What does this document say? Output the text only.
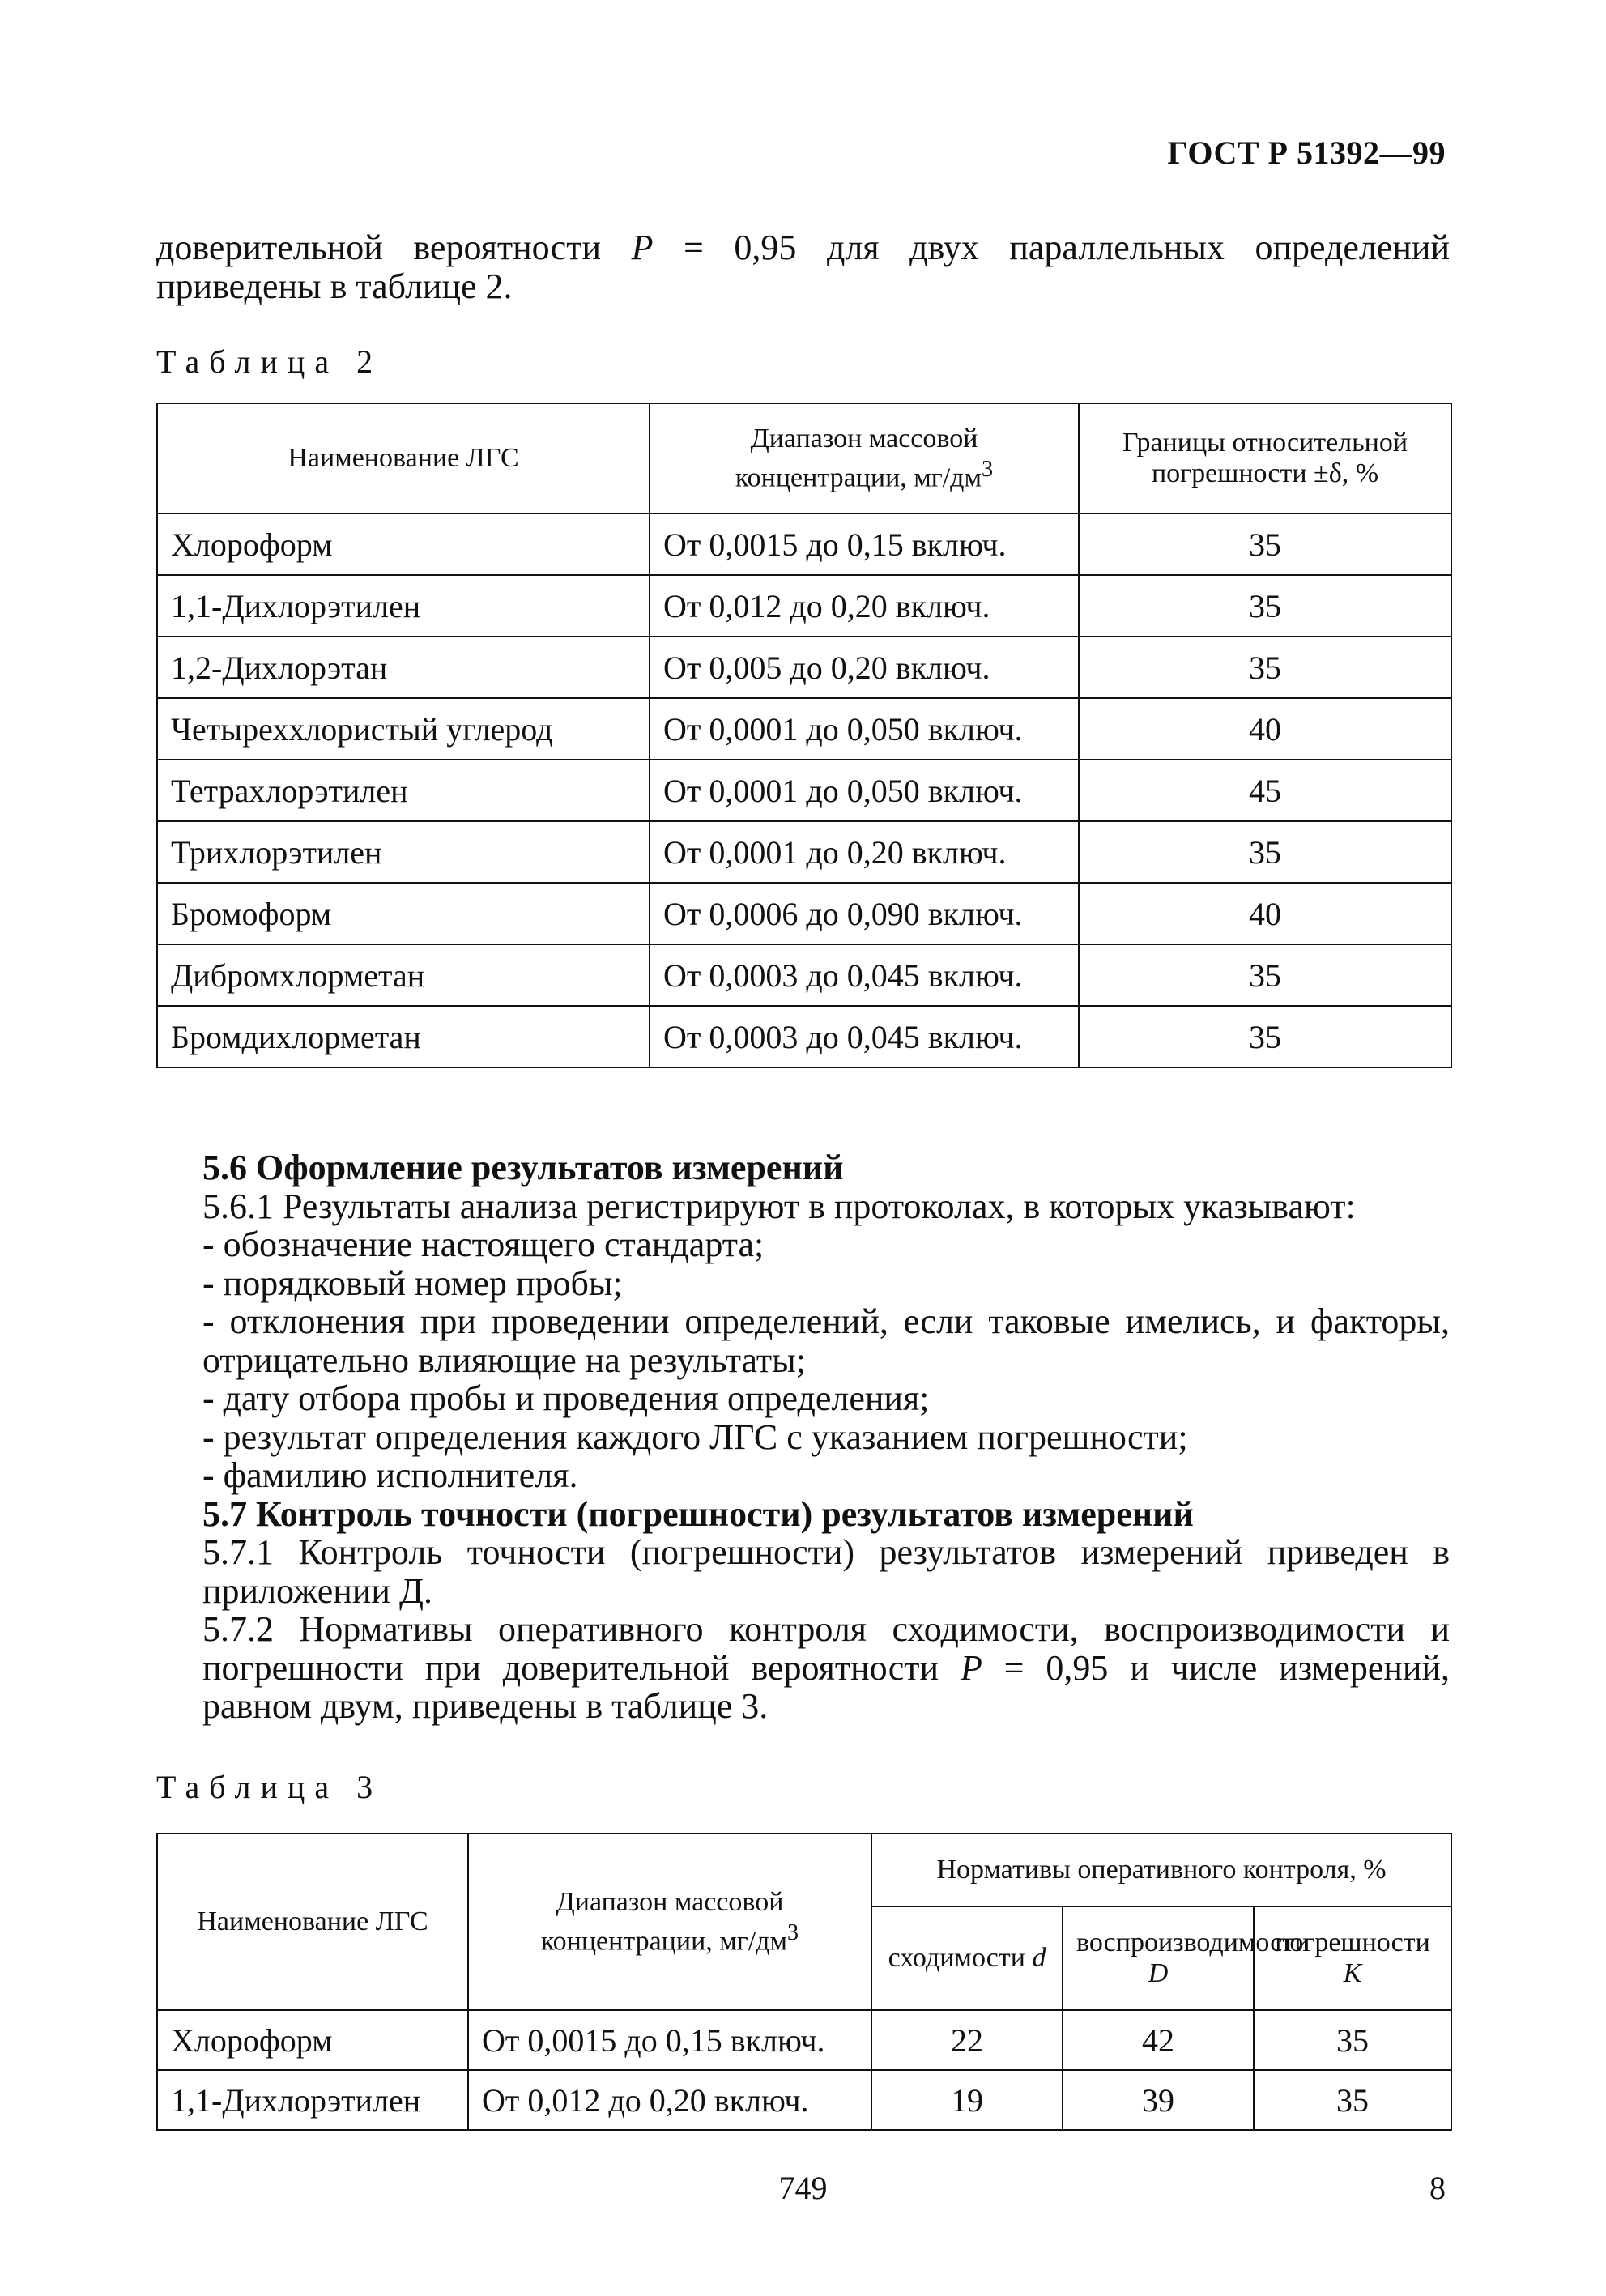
ГОСТ Р 51392—99
доверительной вероятности P = 0,95 для двух параллельных определений приведены в таблице 2.
Таблица 2
Наименование ЛГС	Диапазон массовой концентрации, $мг/дм^3$	Границы относительной погрешности ±δ, %
Хлороформ	От 0,0015 до 0,15 включ.	35
1,1-Дихлорэтилен	От 0,012 до 0,20 включ.	35
1,2-Дихлорэтан	От 0,005 до 0,20 включ.	35
Четыреххлористый углерод	От 0,0001 до 0,050 включ.	40
Тетрахлорэтилен	От 0,0001 до 0,050 включ.	45
Трихлорэтилен	От 0,0001 до 0,20 включ.	35
Бромоформ	От 0,0006 до 0,090 включ.	40
Дибромхлорметан	От 0,0003 до 0,045 включ.	35
Бромдихлорметан	От 0,0003 до 0,045 включ.	35
5.6 Оформление результатов измерений
5.6.1 Результаты анализа регистрируют в протоколах, в которых указывают:
- обозначение настоящего стандарта;
- порядковый номер пробы;
- отклонения при проведении определений, если таковые имелись, и факторы, отрицательно влияющие на результаты;
- дату отбора пробы и проведения определения;
- результат определения каждого ЛГС с указанием погрешности;
- фамилию исполнителя.
5.7 Контроль точности (погрешности) результатов измерений
5.7.1 Контроль точности (погрешности) результатов измерений приведен в приложении Д.
5.7.2 Нормативы оперативного контроля сходимости, воспроизводимости и погрешности при доверительной вероятности P = 0,95 и числе измерений, равном двум, приведены в таблице 3.
Таблица 3
Наименование ЛГС	Диапазон массовой концентрации, $мг/дм^3$	Нормативы оперативного контроля, %		
		сходимости d	воспроизводимости D	погрешности K
Хлороформ	От 0,0015 до 0,15 включ.	22	42	35
1,1-Дихлорэтилен	От 0,012 до 0,20 включ.	19	39	35
749	8
